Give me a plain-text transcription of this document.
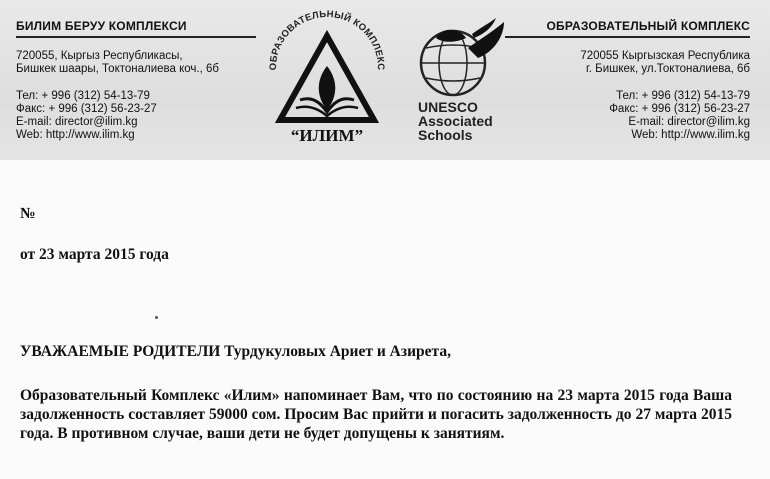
БИЛИМ БЕРУУ КОМПЛЕКСИ
720055, Кыргыз Республикасы,
Бишкек шаары, Токтоналиева коч., 6б
Тел: + 996 (312) 54-13-79
Факс: + 996 (312) 56-23-27
E-mail: director@ilim.kg
Web: http://www.ilim.kg
ОБРАЗОВАТЕЛЬНЫЙ КОМПЛЕКС
“ИЛИМ”
UNESCO
Associated
Schools
ОБРАЗОВАТЕЛЬНЫЙ КОМПЛЕКС
720055 Кыргызская Республика
г. Бишкек, ул.Токтоналиева, 6б
Тел: + 996 (312) 54-13-79
Факс: + 996 (312) 56-23-27
E-mail: director@ilim.kg
Web: http://www.ilim.kg
№
от 23 марта 2015 года
УВАЖАЕМЫЕ РОДИТЕЛИ Турдукуловых Ариет и Азирета,
Образовательный Комплекс «Илим» напоминает Вам, что по состоянию на 23 марта 2015 года Ваша задолженность составляет 59000 сом. Просим Вас прийти и погасить задолженность до 27 марта 2015 года. В противном случае, ваши дети не будет допущены к занятиям.
